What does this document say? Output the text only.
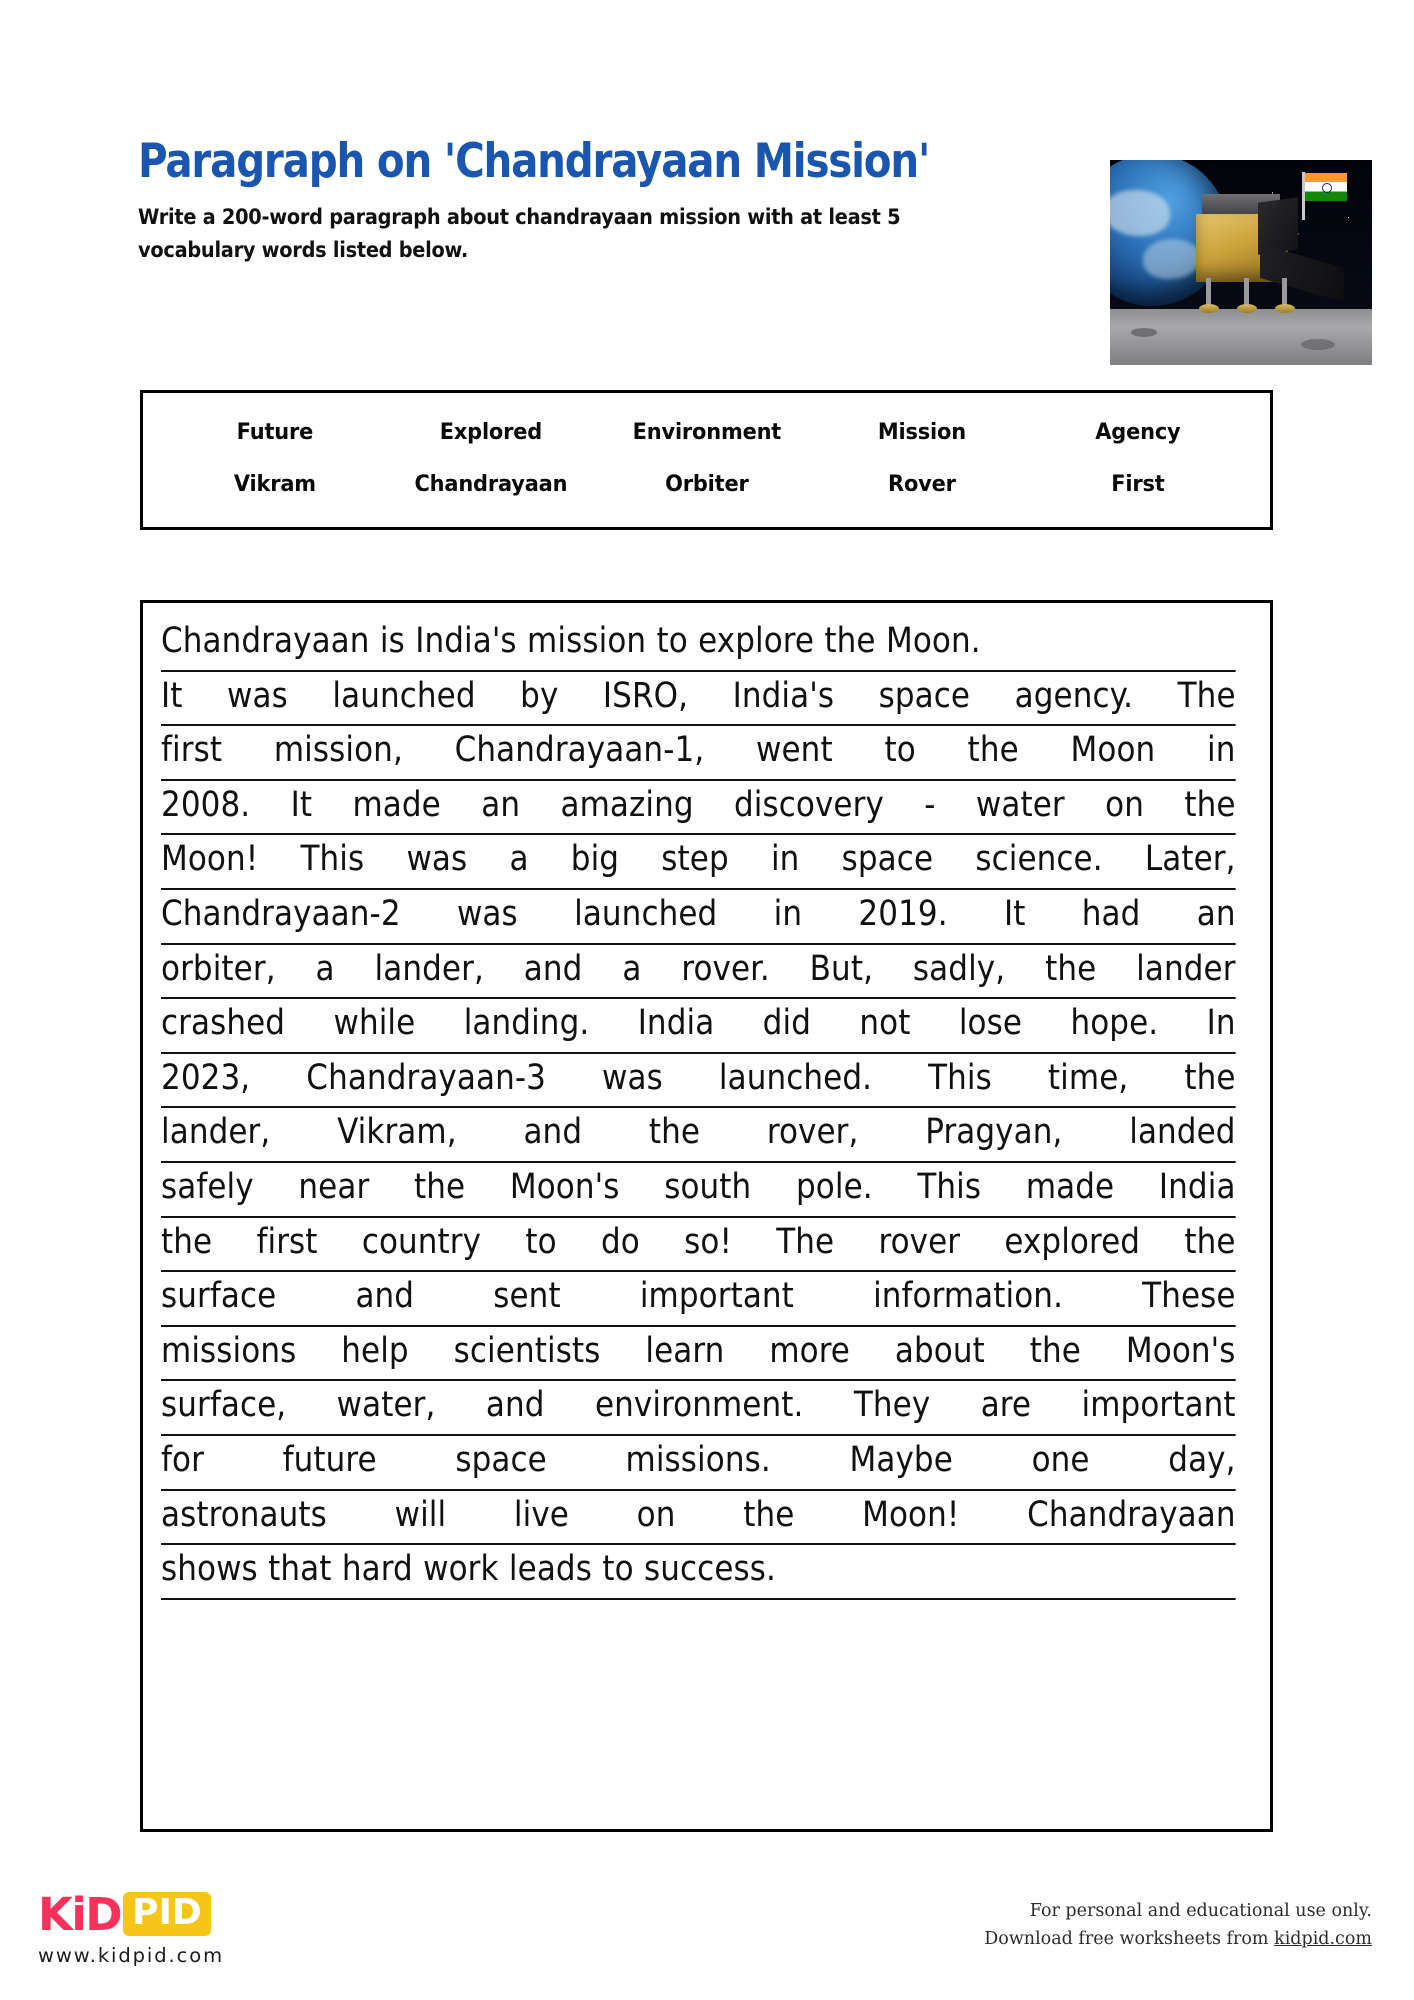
Paragraph on 'Chandrayaan Mission'
Write a 200-word paragraph about chandrayaan mission with at least 5 vocabulary words listed below.
Future	Explored	Environment	Mission	Agency
Vikram	Chandrayaan	Orbiter	Rover	First
Chandrayaan is India's mission to explore the Moon.
It was launched by ISRO, India's space agency. The
first mission, Chandrayaan-1, went to the Moon in
2008. It made an amazing discovery - water on the
Moon! This was a big step in space science. Later,
Chandrayaan-2 was launched in 2019. It had an
orbiter, a lander, and a rover. But, sadly, the lander
crashed while landing. India did not lose hope. In
2023, Chandrayaan-3 was launched. This time, the
lander, Vikram, and the rover, Pragyan, landed
safely near the Moon's south pole. This made India
the first country to do so! The rover explored the
surface and sent important information. These
missions help scientists learn more about the Moon's
surface, water, and environment. They are important
for future space missions. Maybe one day,
astronauts will live on the Moon! Chandrayaan
shows that hard work leads to success.
KiD PID
www.kidpid.com
For personal and educational use only.
Download free worksheets from kidpid.com
